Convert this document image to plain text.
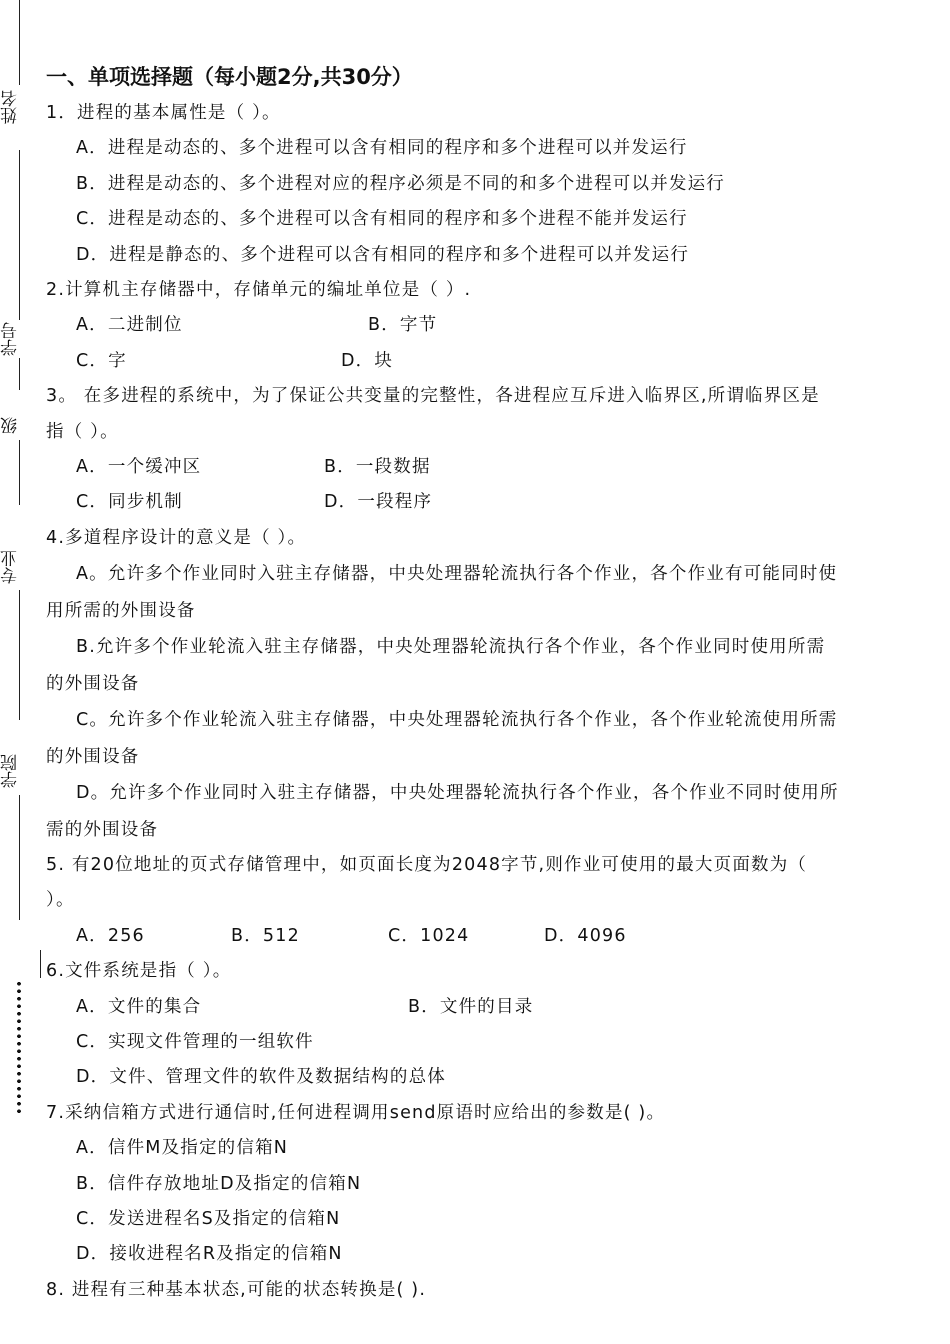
姓名
学号
级
专业
学院
一、单项选择题（每小题2分,共30分）
1．进程的基本属性是（ ）。
A．进程是动态的、多个进程可以含有相同的程序和多个进程可以并发运行
B．进程是动态的、多个进程对应的程序必须是不同的和多个进程可以并发运行
C．进程是动态的、多个进程可以含有相同的程序和多个进程不能并发运行
D．进程是静态的、多个进程可以含有相同的程序和多个进程可以并发运行
2.计算机主存储器中，存储单元的编址单位是（ ）.
A．二进制位	B．字节
C．字	D．块
3。 在多进程的系统中，为了保证公共变量的完整性，各进程应互斥进入临界区,所谓临界区是
指（ ）。
A．一个缓冲区	B．一段数据
C．同步机制	D．一段程序
4.多道程序设计的意义是（ ）。
A。允许多个作业同时入驻主存储器，中央处理器轮流执行各个作业，各个作业有可能同时使
用所需的外围设备
B.允许多个作业轮流入驻主存储器，中央处理器轮流执行各个作业，各个作业同时使用所需
的外围设备
C。允许多个作业轮流入驻主存储器，中央处理器轮流执行各个作业，各个作业轮流使用所需
的外围设备
D。允许多个作业同时入驻主存储器，中央处理器轮流执行各个作业，各个作业不同时使用所
需的外围设备
5. 有20位地址的页式存储管理中，如页面长度为2048字节,则作业可使用的最大页面数为（
）。
A．256	B．512	C．1024	D．4096
6.文件系统是指（ ）。
A．文件的集合	B．文件的目录
C．实现文件管理的一组软件
D．文件、管理文件的软件及数据结构的总体
7.采纳信箱方式进行通信时,任何进程调用send原语时应给出的参数是( )。
A．信件M及指定的信箱N
B．信件存放地址D及指定的信箱N
C．发送进程名S及指定的信箱N
D．接收进程名R及指定的信箱N
8. 进程有三种基本状态,可能的状态转换是( ).
